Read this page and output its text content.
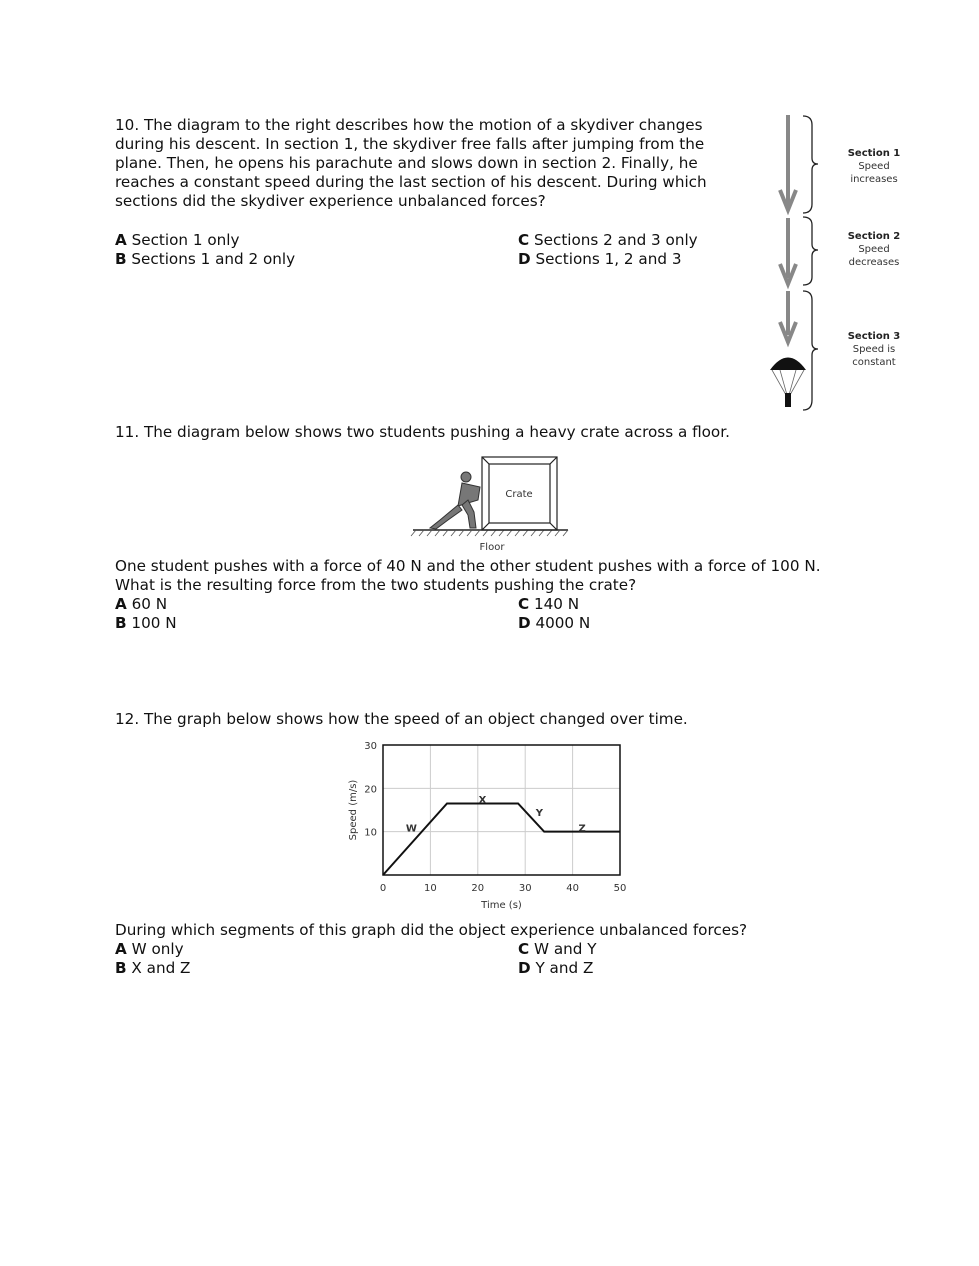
10. The diagram to the right describes how the motion of a skydiver changes
during his descent. In section 1, the skydiver free falls after jumping from the
plane. Then, he opens his parachute and slows down in section 2. Finally, he
reaches a constant speed during the last section of his descent. During which
sections did the skydiver experience unbalanced forces?
A Section 1 only
B Sections 1 and 2 only
C Sections 2 and 3 only
D Sections 1, 2 and 3
Section 1
Speed
increases
Section 2
Speed
decreases
Section 3
Speed is
constant
11. The diagram below shows two students pushing a heavy crate across a floor.
Crate
Floor
One student pushes with a force of 40 N and the other student pushes with a force of 100 N.
What is the resulting force from the two students pushing the crate?
A 60 N
B 100 N
C 140 N
D 4000 N
12. The graph below shows how the speed of an object changed over time.
0	10	20	30	40	50
10
20
30
W
X
Y
Z
Time (s)
Speed (m/s)
During which segments of this graph did the object experience unbalanced forces?
A W only
B X and Z
C W and Y
D Y and Z
